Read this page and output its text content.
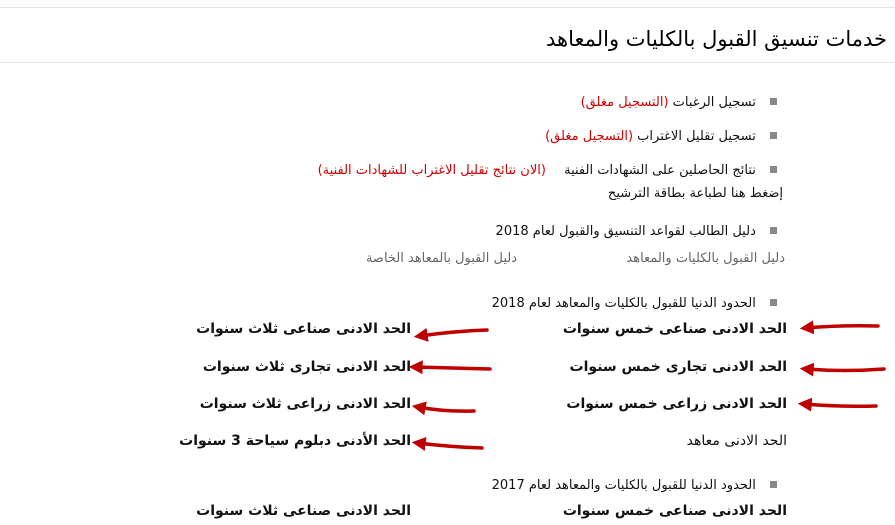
خدمات تنسيق القبول بالكليات والمعاهد
تسجيل الرغبات (التسجيل مغلق)
تسجيل تقليل الاغتراب (التسجيل مغلق)
نتائج الحاصلين على الشهادات الفنية (الان نتائج تقليل الاغتراب للشهادات الفنية)
إضغط هنا لطباعة بطاقة الترشيح
دليل الطالب لقواعد التنسيق والقبول لعام 2018
دليل القبول بالكليات والمعاهد
دليل القبول بالمعاهد الخاصة
الحدود الدنيا للقبول بالكليات والمعاهد لعام 2018
الحد الادنى صناعى خمس سنوات
الحد الادنى تجارى خمس سنوات
الحد الادنى زراعى خمس سنوات
الحد الادنى معاهد
الحد الادنى صناعى ثلاث سنوات
الحد الادنى تجارى ثلاث سنوات
الحد الادنى زراعى ثلاث سنوات
الحد الأدنى دبلوم سياحة 3 سنوات
الحدود الدنيا للقبول بالكليات والمعاهد لعام 2017
الحد الادنى صناعى خمس سنوات
الحد الادنى صناعى ثلاث سنوات
